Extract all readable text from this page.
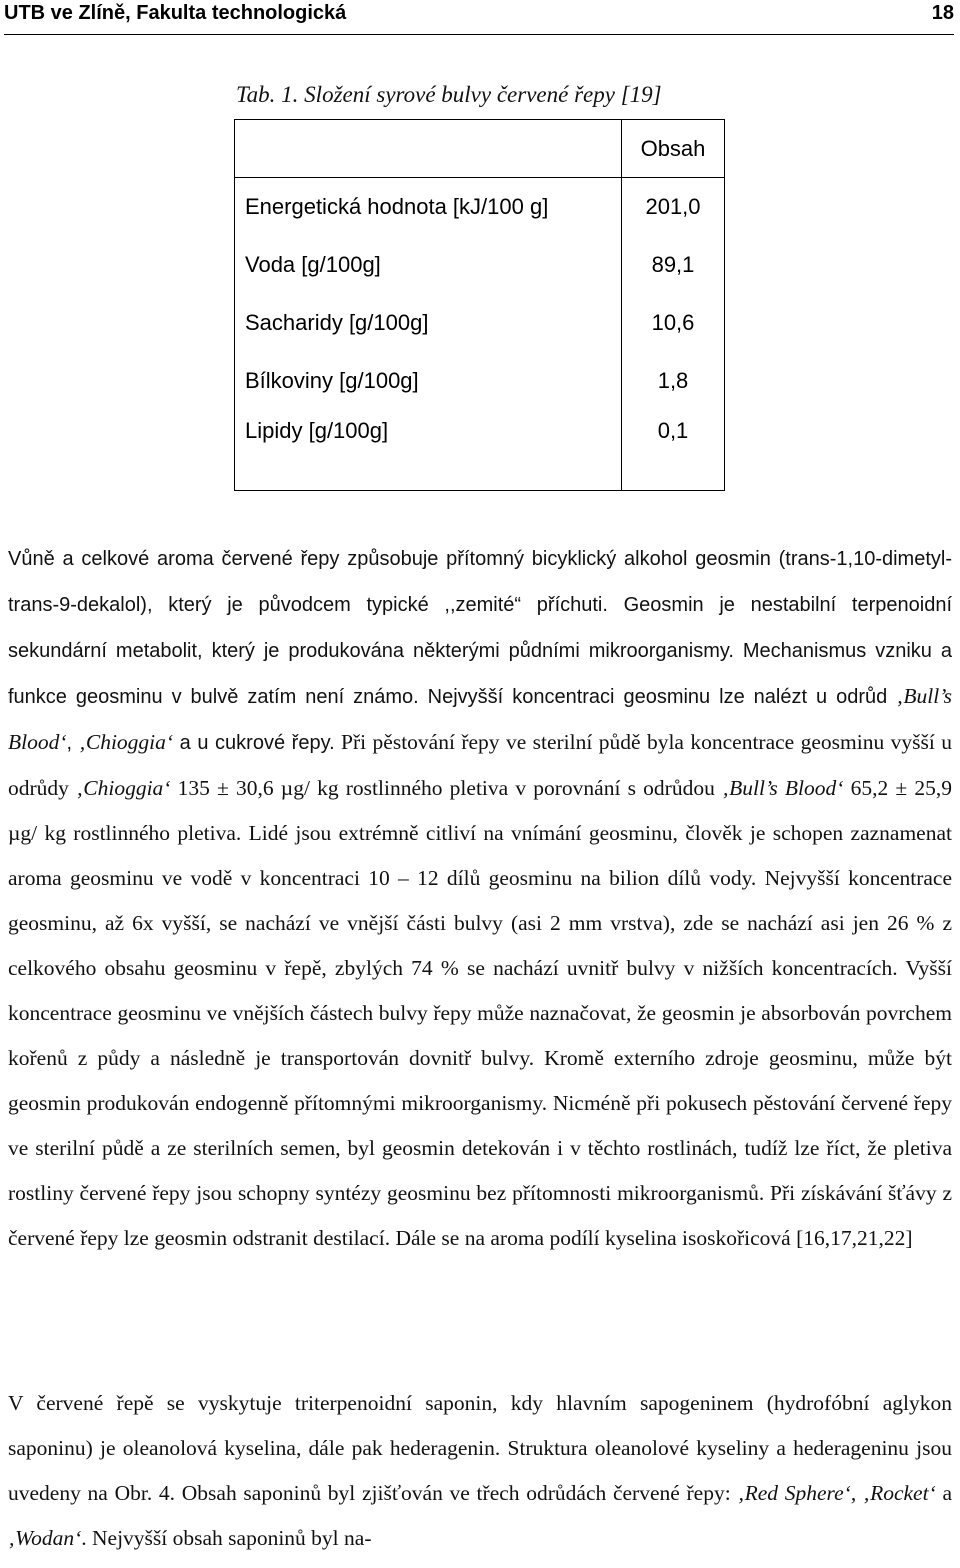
UTB ve Zlíně, Fakulta technologická	18
Tab. 1. Složení syrové bulvy červené řepy [19]
	Obsah
Energetická hodnota [kJ/100 g]	201,0
Voda [g/100g]	89,1
Sacharidy [g/100g]	10,6
Bílkoviny [g/100g]	1,8
Lipidy [g/100g]	0,1
Vůně a celkové aroma červené řepy způsobuje přítomný bicyklický alkohol geosmin (trans-1,10-dimetyl-trans-9-dekalol), který je původcem typické ,,zemité“ příchuti. Geosmin je nestabilní terpenoidní sekundární metabolit, který je produkována některými půdními mikroorganismy. Mechanismus vzniku a funkce geosminu v bulvě zatím není známo. Nejvyšší koncentraci geosminu lze nalézt u odrůd ‚Bull’s Blood‘, ‚Chioggia‘ a u cukrové řepy. Při pěstování řepy ve sterilní půdě byla koncentrace geosminu vyšší u odrůdy ‚Chioggia‘ 135 ± 30,6 µg/ kg rostlinného pletiva v porovnání s odrůdou ‚Bull’s Blood‘ 65,2 ± 25,9 µg/ kg rostlinného pletiva. Lidé jsou extrémně citliví na vnímání geosminu, člověk je schopen zaznamenat aroma geosminu ve vodě v koncentraci 10 – 12 dílů geosminu na bilion dílů vody. Nejvyšší koncentrace geosminu, až 6x vyšší, se nachází ve vnější části bulvy (asi 2 mm vrstva), zde se nachází asi jen 26 % z celkového obsahu geosminu v řepě, zbylých 74 % se nachází uvnitř bulvy v nižších koncentracích. Vyšší koncentrace geosminu ve vnějších částech bulvy řepy může naznačovat, že geosmin je absorbován povrchem kořenů z půdy a následně je transportován dovnitř bulvy. Kromě externího zdroje geosminu, může být geosmin produkován endogenně přítomnými mikroorganismy. Nicméně při pokusech pěstování červené řepy ve sterilní půdě a ze sterilních semen, byl geosmin detekován i v těchto rostlinách, tudíž lze říct, že pletiva rostliny červené řepy jsou schopny syntézy geosminu bez přítomnosti mikroorganismů. Při získávání šťávy z červené řepy lze geosmin odstranit destilací. Dále se na aroma podílí kyselina isoskořicová [16,17,21,22]
V červené řepě se vyskytuje triterpenoidní saponin, kdy hlavním sapogeninem (hydrofóbní aglykon saponinu) je oleanolová kyselina, dále pak hederagenin. Struktura oleanolové kyseliny a hederageninu jsou uvedeny na Obr. 4. Obsah saponinů byl zjišťován ve třech odrůdách červené řepy: ‚Red Sphere‘, ‚Rocket‘ a ‚Wodan‘. Nejvyšší obsah saponinů byl na-
